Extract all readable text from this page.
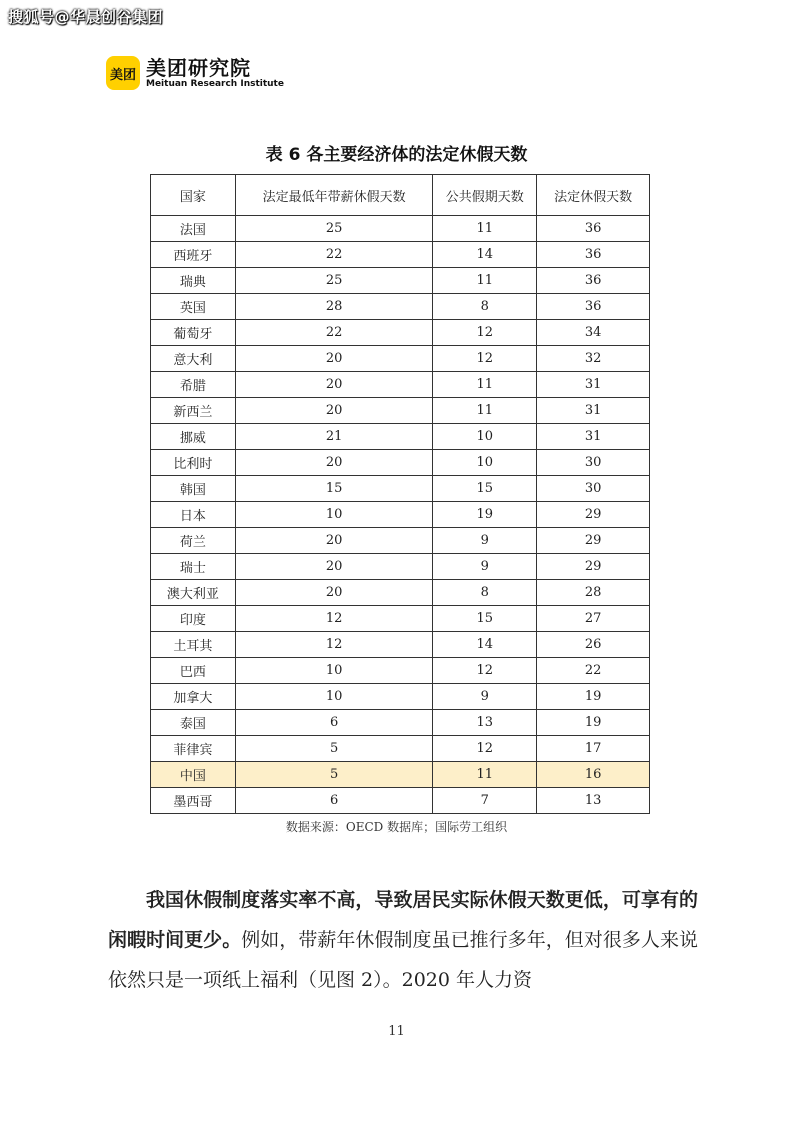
搜狐号@华晨创谷集团
美团 美团研究院
Meituan Research Institute
表 6 各主要经济体的法定休假天数
国家	法定最低年带薪休假天数	公共假期天数	法定休假天数
法国	25	11	36
西班牙	22	14	36
瑞典	25	11	36
英国	28	8	36
葡萄牙	22	12	34
意大利	20	12	32
希腊	20	11	31
新西兰	20	11	31
挪威	21	10	31
比利时	20	10	30
韩国	15	15	30
日本	10	19	29
荷兰	20	9	29
瑞士	20	9	29
澳大利亚	20	8	28
印度	12	15	27
土耳其	12	14	26
巴西	10	12	22
加拿大	10	9	19
泰国	6	13	19
菲律宾	5	12	17
中国	5	11	16
墨西哥	6	7	13
数据来源：OECD 数据库；国际劳工组织
我国休假制度落实率不高，导致居民实际休假天数更低，可享有的闲暇时间更少。例如，带薪年休假制度虽已推行多年，但对很多人来说依然只是一项纸上福利（见图 2）。2020 年人力资
11
